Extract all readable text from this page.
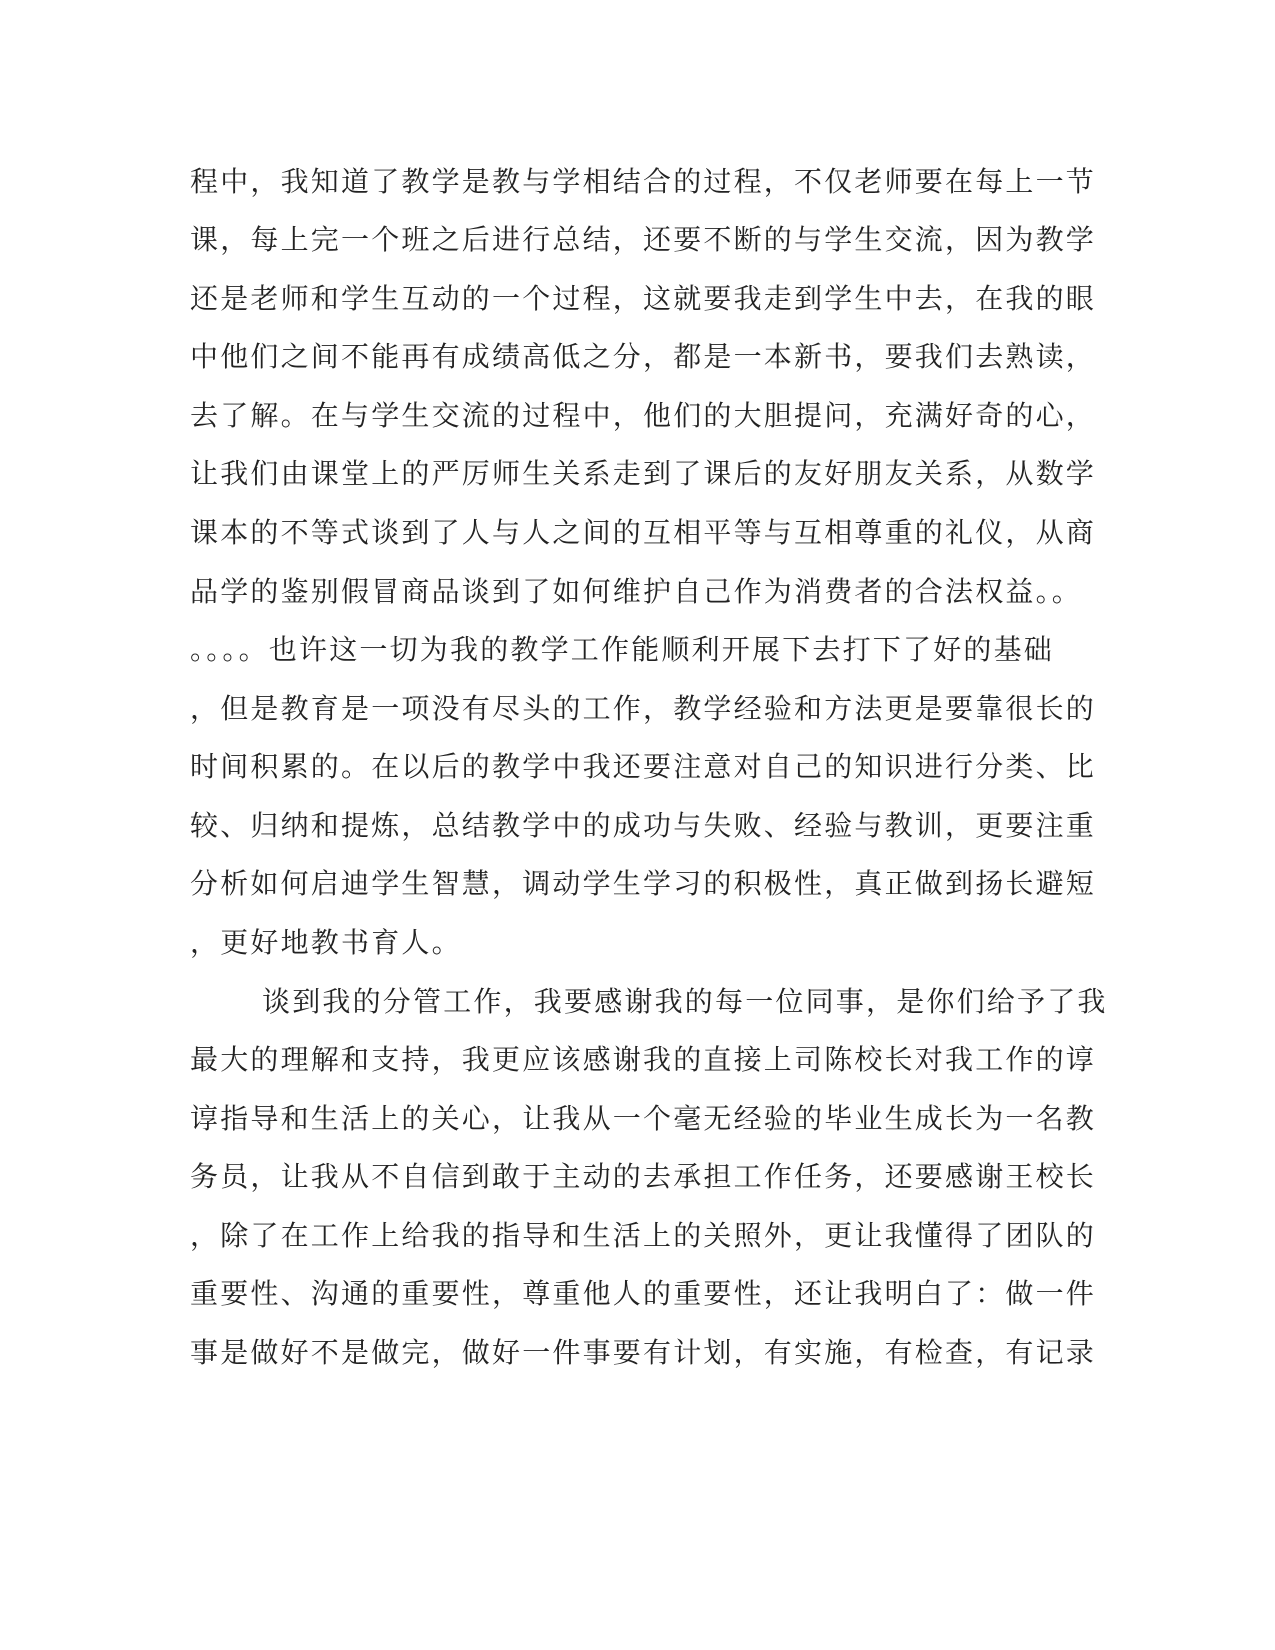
程中，我知道了教学是教与学相结合的过程，不仅老师要在每上一节
课，每上完一个班之后进行总结，还要不断的与学生交流，因为教学
还是老师和学生互动的一个过程，这就要我走到学生中去，在我的眼
中他们之间不能再有成绩高低之分，都是一本新书，要我们去熟读，
去了解。在与学生交流的过程中，他们的大胆提问，充满好奇的心，
让我们由课堂上的严厉师生关系走到了课后的友好朋友关系，从数学
课本的不等式谈到了人与人之间的互相平等与互相尊重的礼仪，从商
品学的鉴别假冒商品谈到了如何维护自己作为消费者的合法权益。。
。。。。也许这一切为我的教学工作能顺利开展下去打下了好的基础
，但是教育是一项没有尽头的工作，教学经验和方法更是要靠很长的
时间积累的。在以后的教学中我还要注意对自己的知识进行分类、比
较、归纳和提炼，总结教学中的成功与失败、经验与教训，更要注重
分析如何启迪学生智慧，调动学生学习的积极性，真正做到扬长避短
，更好地教书育人。
谈到我的分管工作，我要感谢我的每一位同事，是你们给予了我
最大的理解和支持，我更应该感谢我的直接上司陈校长对我工作的谆
谆指导和生活上的关心，让我从一个毫无经验的毕业生成长为一名教
务员，让我从不自信到敢于主动的去承担工作任务，还要感谢王校长
，除了在工作上给我的指导和生活上的关照外，更让我懂得了团队的
重要性、沟通的重要性，尊重他人的重要性，还让我明白了：做一件
事是做好不是做完，做好一件事要有计划，有实施，有检查，有记录
